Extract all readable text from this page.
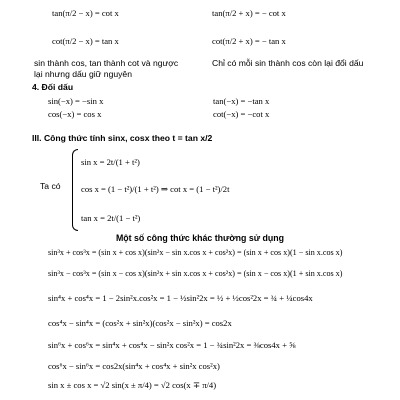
tan(π/2 − x) = cot x	tan(π/2 + x) = − cot x
cot(π/2 − x) = tan x	cot(π/2 + x) = − tan x
sin thành cos, tan thành cot và ngược
lại nhưng dấu giữ nguyên
Chỉ có mỗi sin thành cos còn lại đổi dấu
4. Đối dấu
sin(−x) = −sin x	tan(−x) = −tan x
cos(−x) = cos x	cot(−x) = −cot x
III. Công thức tính sinx, cosx theo t = tan x/2
Ta có
sin x = 2t/(1 + t²)
cos x = (1 − t²)/(1 + t²) ⇒ cot x = (1 − t²)/2t
tan x = 2t/(1 − t²)
Một số công thức khác thường sử dụng
sin³x + cos³x = (sin x + cos x)(sin²x − sin x.cos x + cos²x) = (sin x + cos x)(1 − sin x.cos x)
sin³x − cos³x = (sin x − cos x)(sin²x + sin x.cos x + cos²x) = (sin x − cos x)(1 + sin x.cos x)
sin⁴x + cos⁴x = 1 − 2sin²x.cos²x = 1 − ½sin²2x = ½ + ½cos²2x = ¾ + ¼cos4x
cos⁴x − sin⁴x = (cos²x + sin²x)(cos²x − sin²x) = cos2x
sin⁶x + cos⁶x = sin⁴x + cos⁴x − sin²x cos²x = 1 − ¾sin²2x = ⅜cos4x + ⅝
cos⁶x − sin⁶x = cos2x(sin⁴x + cos⁴x + sin²x cos²x)
sin x ± cos x = √2 sin(x ± π/4) = √2 cos(x ∓ π/4)
